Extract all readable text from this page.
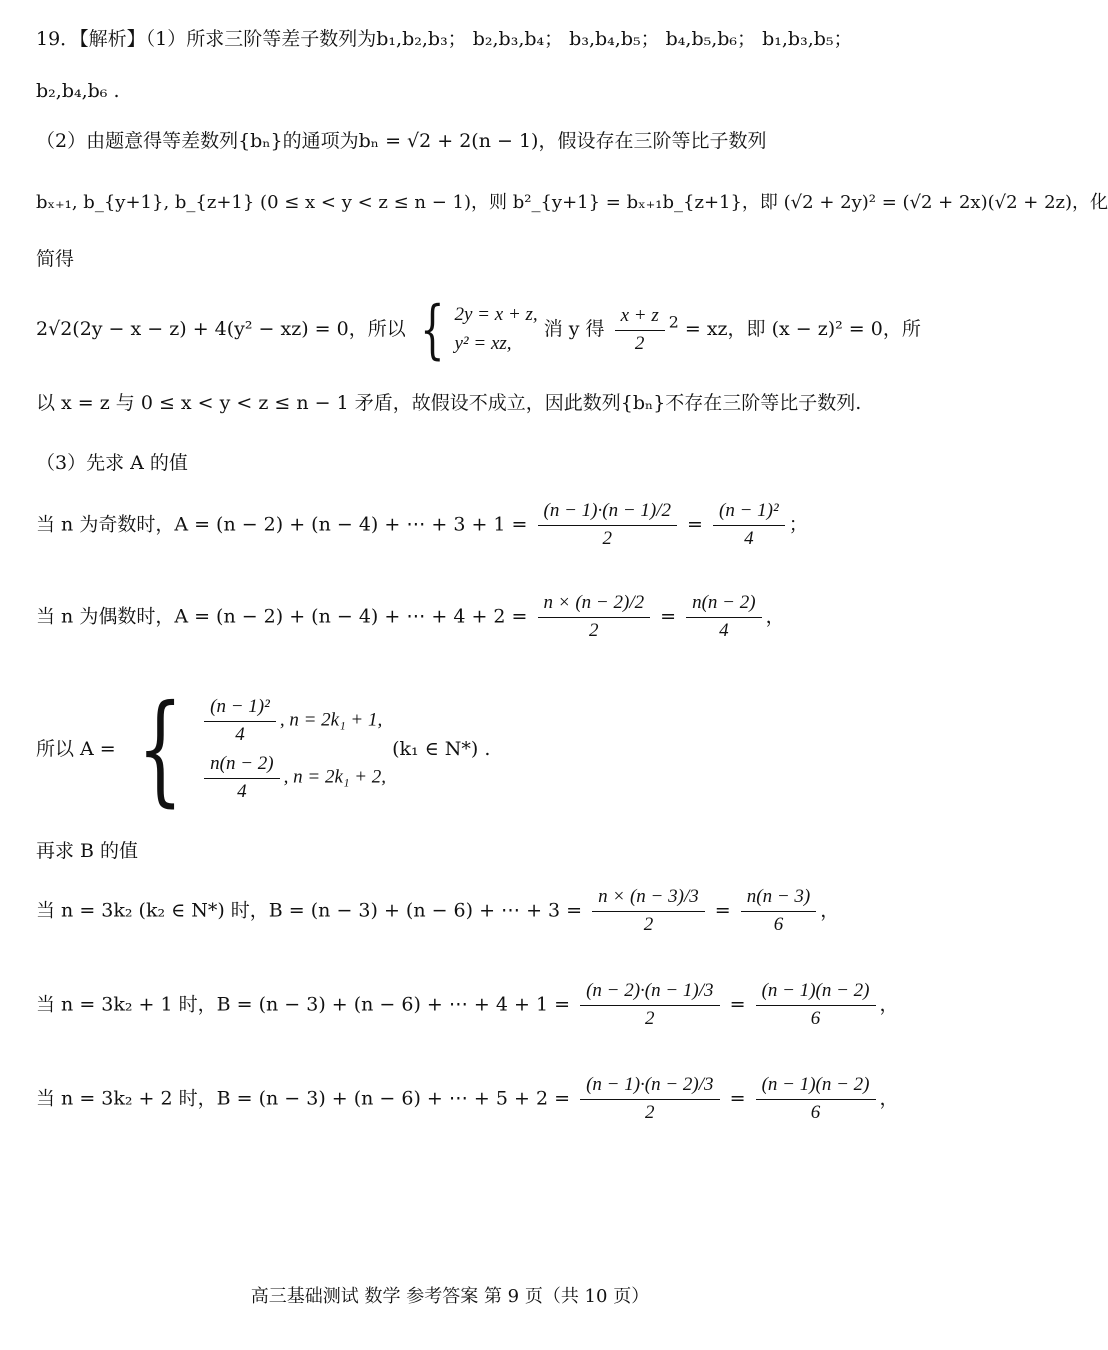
19．【解析】（1）所求三阶等差子数列为b₁,b₂,b₃； b₂,b₃,b₄； b₃,b₄,b₅； b₄,b₅,b₆； b₁,b₃,b₅；
b₂,b₄,b₆ .
（2）由题意得等差数列{bₙ}的通项为bₙ = √2 + 2(n − 1)，假设存在三阶等比子数列
bₓ₊₁, b_{y+1}, b_{z+1} (0 ≤ x < y < z ≤ n − 1)，则 b²_{y+1} = bₓ₊₁b_{z+1}，即 (√2 + 2y)² = (√2 + 2x)(√2 + 2z)，化
简得
2√2(2y − x − z) + 4(y² − xz) = 0，所以 { 2y = x + z,
y² = xz,
消 y 得 $\frac{x + z}{2} ^2$ = xz，即 (x − z)² = 0，所
以 x = z 与 0 ≤ x < y < z ≤ n − 1 矛盾，故假设不成立，因此数列{bₙ}不存在三阶等比子数列.
（3）先求 A 的值
当 n 为奇数时，A = (n − 2) + (n − 4) + ⋯ + $3 + 1 = \frac{(n - 1)\cdot(n - 1)/2}{2} = \frac{\text{(n − 1)²}}{4}$ ；
当 n 为偶数时，A = (n − 2) + (n − 4) + ⋯ + $4 + 2 = \frac{n \times (n - 2)/2}{2} = \frac{n(n - 2)}{4}$ ，
所以 A = { $\frac{\text{(n − 1)²}}{4}$ , n = 2k₁ + 1,
$\frac{n(n - 2)}{4}$ , n = 2k₁ + 2,
(k₁ ∈ N*) .
再求 B 的值
当 n = 3k₂ (k₂ ∈ N*) 时，B = (n − 3) + (n − 6) + ⋯ + $3 = \frac{n \times (n - 3)/3}{2} = \frac{n(n - 3)}{6}$ ，
当 n = 3k₂ + 1 时，B = (n − 3) + (n − 6) + ⋯ + $4 + 1 = \frac{(n - 2)\cdot(n - 1)/3}{2} = \frac{(n - 1)(n - 2)}{6}$ ，
当 n = 3k₂ + 2 时，B = (n − 3) + (n − 6) + ⋯ + $5 + 2 = \frac{(n - 1)\cdot(n - 2)/3}{2} = \frac{(n - 1)(n - 2)}{6}$ ，
高三基础测试 数学 参考答案 第 9 页（共 10 页）
